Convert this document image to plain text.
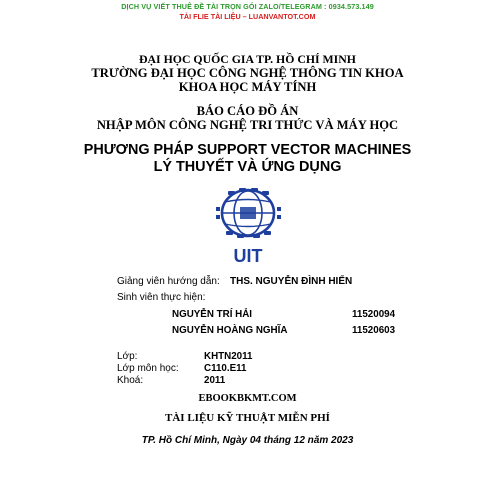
DỊCH VỤ VIẾT THUÊ ĐỀ TÀI TRỌN GÓI ZALO/TELEGRAM : 0934.573.149
TẢI FLIE TÀI LIỆU – LUANVANTOT.COM
ĐẠI HỌC QUỐC GIA TP. HỒ CHÍ MINH
TRƯỜNG ĐẠI HỌC CÔNG NGHỆ THÔNG TIN KHOA
KHOA HỌC MÁY TÍNH
BÁO CÁO ĐỒ ÁN
NHẬP MÔN CÔNG NGHỆ TRI THỨC VÀ MÁY HỌC
PHƯƠNG PHÁP SUPPORT VECTOR MACHINES
LÝ THUYẾT VÀ ỨNG DỤNG
UIT
Giảng viên hướng dẫn: THS. NGUYỄN ĐÌNH HIỂN
Sinh viên thực hiện:
NGUYỄN TRÍ HẢI	11520094
NGUYỄN HOÀNG NGHĨA	11520603
Lớp:	KHTN2011
Lớp môn học:	C110.E11
Khoá:	2011
EBOOKBKMT.COM
TÀI LIỆU KỸ THUẬT MIỄN PHÍ
TP. Hồ Chí Minh, Ngày 04 tháng 12 năm 2023
